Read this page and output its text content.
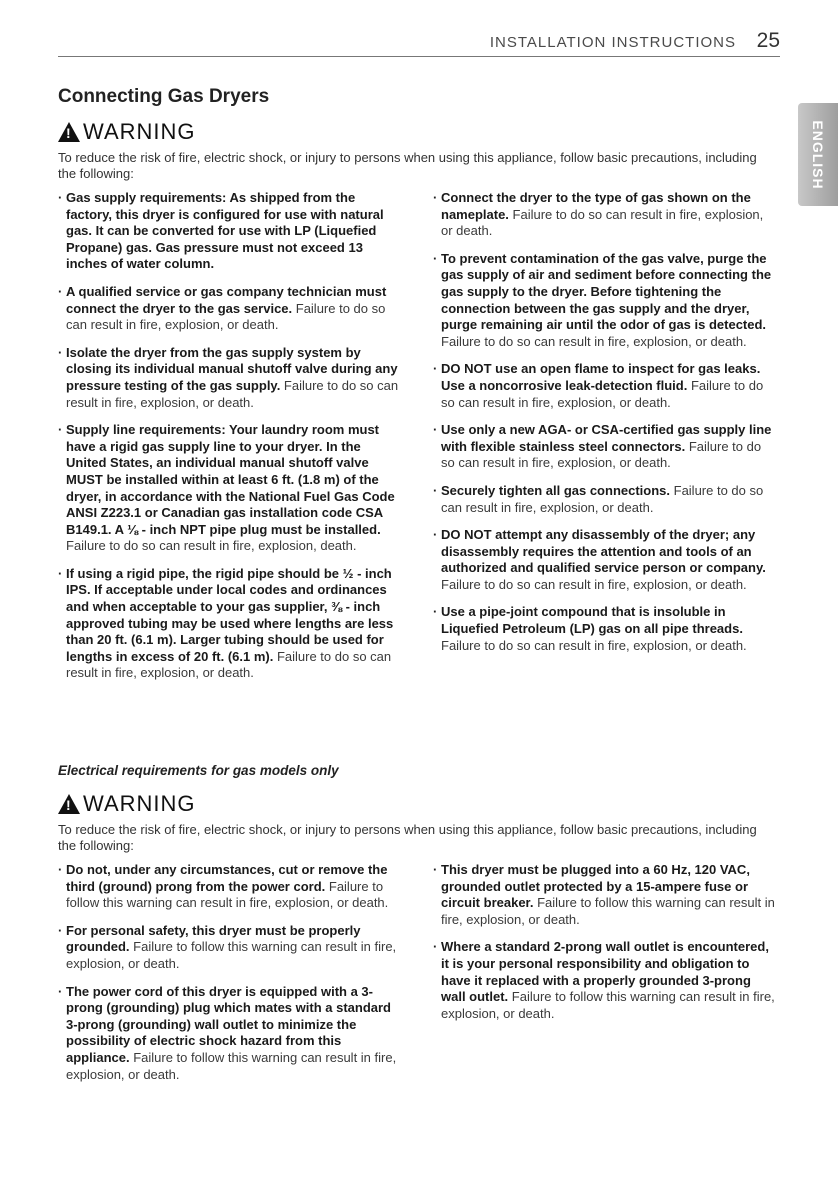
INSTALLATION INSTRUCTIONS 25
ENGLISH
Connecting Gas Dryers
!
WARNING
To reduce the risk of fire, electric shock, or injury to persons when using this appliance, follow basic precautions, including the following:
· Gas supply requirements: As shipped from the factory, this dryer is configured for use with natural gas. It can be converted for use with LP (Liquefied Propane) gas. Gas pressure must not exceed 13 inches of water column.
· A qualified service or gas company technician must connect the dryer to the gas service. Failure to do so can result in fire, explosion, or death.
· Isolate the dryer from the gas supply system by closing its individual manual shutoff valve during any pressure testing of the gas supply. Failure to do so can result in fire, explosion, or death.
· Supply line requirements: Your laundry room must have a rigid gas supply line to your dryer. In the United States, an individual manual shutoff valve MUST be installed within at least 6 ft. (1.8 m) of the dryer, in accordance with the National Fuel Gas Code ANSI Z223.1 or Canadian gas installation code CSA B149.1. A ⅛ - inch NPT pipe plug must be installed. Failure to do so can result in fire, explosion, death.
· If using a rigid pipe, the rigid pipe should be ½ - inch IPS. If acceptable under local codes and ordinances and when acceptable to your gas supplier, ⅜ - inch approved tubing may be used where lengths are less than 20 ft. (6.1 m). Larger tubing should be used for lengths in excess of 20 ft. (6.1 m). Failure to do so can result in fire, explosion, or death.
· Connect the dryer to the type of gas shown on the nameplate. Failure to do so can result in fire, explosion, or death.
· To prevent contamination of the gas valve, purge the gas supply of air and sediment before connecting the gas supply to the dryer. Before tightening the connection between the gas supply and the dryer, purge remaining air until the odor of gas is detected. Failure to do so can result in fire, explosion, or death.
· DO NOT use an open flame to inspect for gas leaks. Use a noncorrosive leak-detection fluid. Failure to do so can result in fire, explosion, or death.
· Use only a new AGA- or CSA-certified gas supply line with flexible stainless steel connectors. Failure to do so can result in fire, explosion, or death.
· Securely tighten all gas connections. Failure to do so can result in fire, explosion, or death.
· DO NOT attempt any disassembly of the dryer; any disassembly requires the attention and tools of an authorized and qualified service person or company. Failure to do so can result in fire, explosion, or death.
· Use a pipe-joint compound that is insoluble in Liquefied Petroleum (LP) gas on all pipe threads. Failure to do so can result in fire, explosion, or death.
Electrical requirements for gas models only
!
WARNING
To reduce the risk of fire, electric shock, or injury to persons when using this appliance, follow basic precautions, including the following:
· Do not, under any circumstances, cut or remove the third (ground) prong from the power cord. Failure to follow this warning can result in fire, explosion, or death.
· For personal safety, this dryer must be properly grounded. Failure to follow this warning can result in fire, explosion, or death.
· The power cord of this dryer is equipped with a 3-prong (grounding) plug which mates with a standard 3-prong (grounding) wall outlet to minimize the possibility of electric shock hazard from this appliance. Failure to follow this warning can result in fire, explosion, or death.
· This dryer must be plugged into a 60 Hz, 120 VAC, grounded outlet protected by a 15-ampere fuse or circuit breaker. Failure to follow this warning can result in fire, explosion, or death.
· Where a standard 2-prong wall outlet is encountered, it is your personal responsibility and obligation to have it replaced with a properly grounded 3-prong wall outlet. Failure to follow this warning can result in fire, explosion, or death.
